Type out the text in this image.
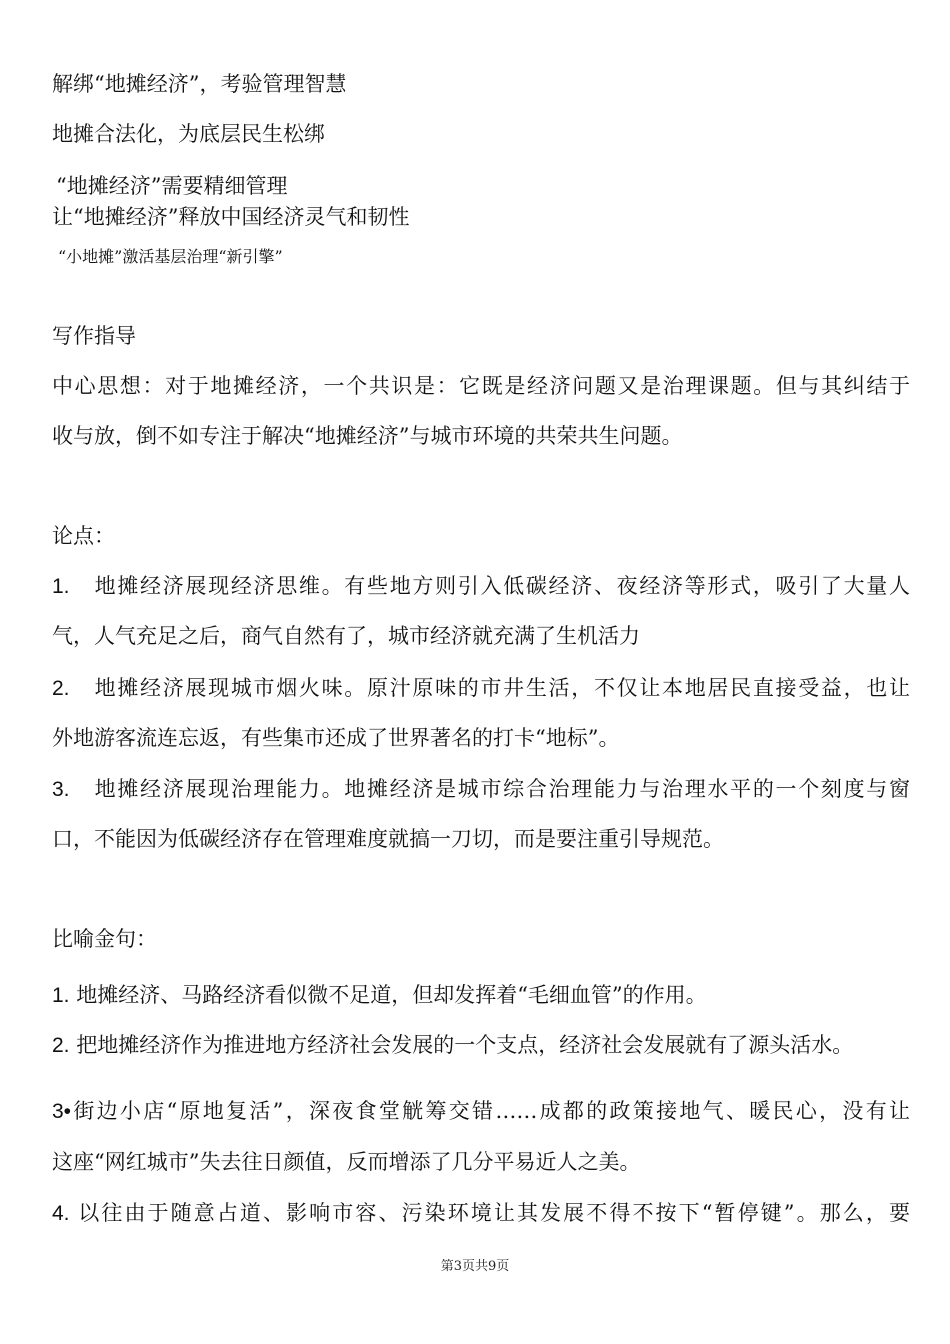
解绑“地摊经济”，考验管理智慧
地摊合法化，为底层民生松绑
“地摊经济”需要精细管理
让“地摊经济”释放中国经济灵气和韧性
“小地摊”激活基层治理“新引擎”
写作指导
中心思想：对于地摊经济，一个共识是：它既是经济问题又是治理课题。但与其纠结于
收与放，倒不如专注于解决“地摊经济”与城市环境的共荣共生问题。
论点：
1. 地摊经济展现经济思维。有些地方则引入低碳经济、夜经济等形式，吸引了大量人
气，人气充足之后，商气自然有了，城市经济就充满了生机活力
2. 地摊经济展现城市烟火味。原汁原味的市井生活，不仅让本地居民直接受益，也让
外地游客流连忘返，有些集市还成了世界著名的打卡“地标”。
3. 地摊经济展现治理能力。地摊经济是城市综合治理能力与治理水平的一个刻度与窗
口，不能因为低碳经济存在管理难度就搞一刀切，而是要注重引导规范。
比喻金句：
1. 地摊经济、马路经济看似微不足道，但却发挥着“毛细血管”的作用。
2. 把地摊经济作为推进地方经济社会发展的一个支点，经济社会发展就有了源头活水。
3•街边小店“原地复活”，深夜食堂觥筹交错……成都的政策接地气、暖民心，没有让
这座“网红城市”失去往日颜值，反而增添了几分平易近人之美。
4. 以往由于随意占道、影响市容、污染环境让其发展不得不按下“暂停键”。那么，要
第3页共9页
